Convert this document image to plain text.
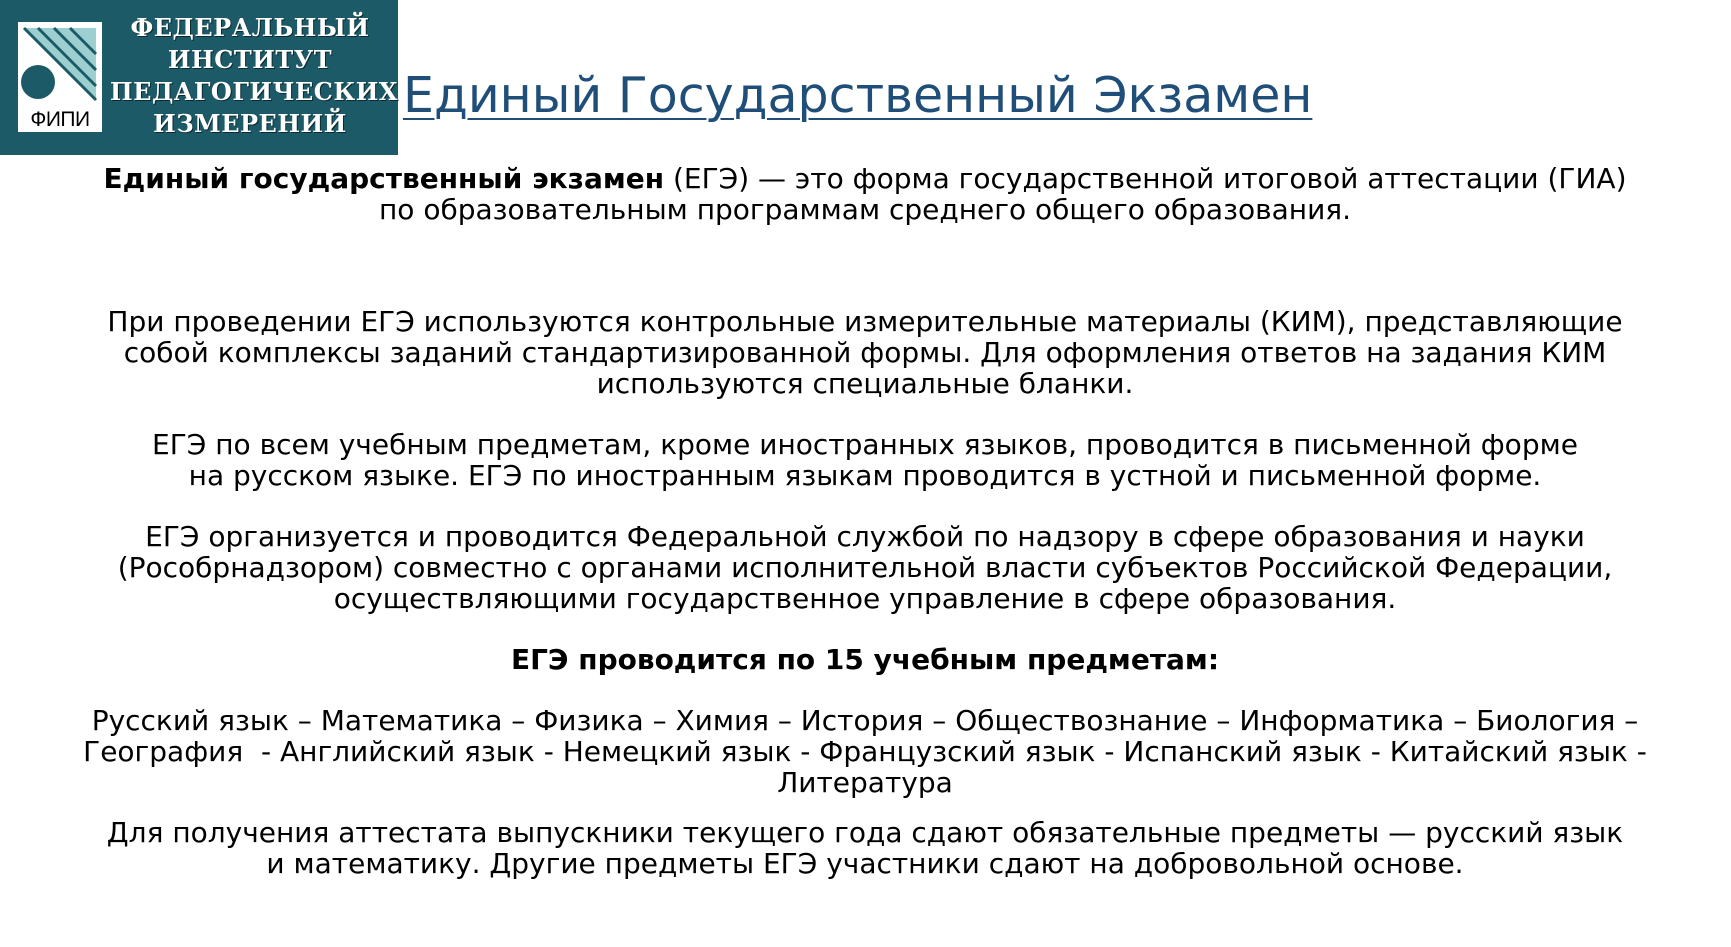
ФИПИ
ФЕДЕРАЛЬНЫЙ
ИНСТИТУТ
ПЕДАГОГИЧЕСКИХ
ИЗМЕРЕНИЙ	Единый Государственный Экзамен

Единый государственный экзамен (ЕГЭ) — это форма государственной итоговой аттестации (ГИА)
по образовательным программам среднего общего образования.

При проведении ЕГЭ используются контрольные измерительные материалы (КИМ), представляющие
собой комплексы заданий стандартизированной формы. Для оформления ответов на задания КИМ
используются специальные бланки.

ЕГЭ по всем учебным предметам, кроме иностранных языков, проводится в письменной форме
на русском языке. ЕГЭ по иностранным языкам проводится в устной и письменной форме.

ЕГЭ организуется и проводится Федеральной службой по надзору в сфере образования и науки
(Рособрнадзором) совместно с органами исполнительной власти субъектов Российской Федерации,
осуществляющими государственное управление в сфере образования.

ЕГЭ проводится по 15 учебным предметам:

Русский язык – Математика – Физика – Химия – История – Обществознание – Информатика – Биология –
География  - Английский язык - Немецкий язык - Французский язык - Испанский язык - Китайский язык -
Литература

Для получения аттестата выпускники текущего года сдают обязательные предметы — русский язык
и математику. Другие предметы ЕГЭ участники сдают на добровольной основе.
